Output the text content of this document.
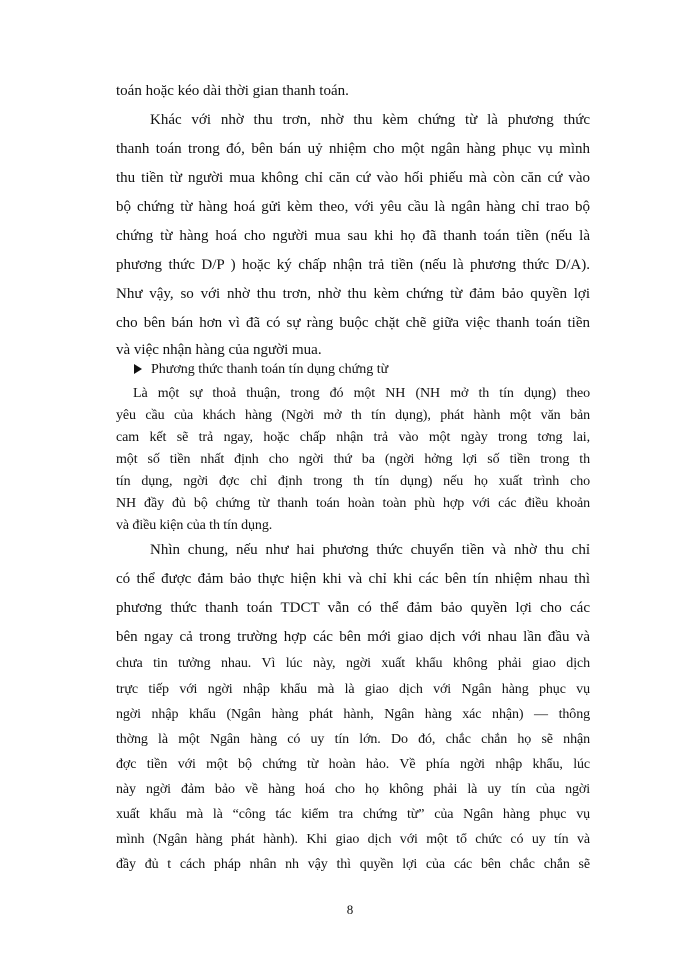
toán hoặc kéo dài thời gian thanh toán.
Khác với nhờ thu trơn, nhờ thu kèm chứng từ là phương thức
thanh toán trong đó, bên bán uỷ nhiệm cho một ngân hàng phục vụ mình
thu tiền từ người mua không chỉ căn cứ vào hối phiếu mà còn căn cứ vào
bộ chứng từ hàng hoá gửi kèm theo, với yêu cầu là ngân hàng chỉ trao bộ
chứng từ hàng hoá cho người mua sau khi họ đã thanh toán tiền (nếu là
phương thức D/P ) hoặc ký chấp nhận trả tiền (nếu là phương thức D/A).
Như vậy, so với nhờ thu trơn, nhờ thu kèm chứng từ đảm bảo quyền lợi
cho bên bán hơn vì đã có sự ràng buộc chặt chẽ giữa việc thanh toán tiền
và việc nhận hàng của người mua.
Phương thức thanh toán tín dụng chứng từ
Là một sự thoả thuận, trong đó một NH (NH mở th tín dụng) theo
yêu cầu của khách hàng (Ngời mở th tín dụng), phát hành một văn bản
cam kết sẽ trả ngay, hoặc chấp nhận trả vào một ngày trong tơng lai,
một số tiền nhất định cho ngời thứ ba (ngời hởng lợi số tiền trong th
tín dụng, ngời đợc chỉ định trong th tín dụng) nếu họ xuất trình cho
NH đầy đủ bộ chứng từ thanh toán hoàn toàn phù hợp với các điều khoản
và điều kiện của th tín dụng.
Nhìn chung, nếu như hai phương thức chuyển tiền và nhờ thu chỉ
có thể được đảm bảo thực hiện khi và chỉ khi các bên tín nhiệm nhau thì
phương thức thanh toán TDCT vẫn có thể đảm bảo quyền lợi cho các
bên ngay cả trong trường hợp các bên mới giao dịch với nhau lần đầu và
chưa tin tưởng nhau. Vì lúc này, ngời xuất khẩu không phải giao dịch
trực tiếp với ngời nhập khẩu mà là giao dịch với Ngân hàng phục vụ
ngời nhập khẩu (Ngân hàng phát hành, Ngân hàng xác nhận) — thông
thờng là một Ngân hàng có uy tín lớn. Do đó, chắc chắn họ sẽ nhận
đợc tiền với một bộ chứng từ hoàn hảo. Về phía ngời nhập khẩu, lúc
này ngời đảm bảo về hàng hoá cho họ không phải là uy tín của ngời
xuất khẩu mà là “công tác kiểm tra chứng từ” của Ngân hàng phục vụ
mình (Ngân hàng phát hành). Khi giao dịch với một tổ chức có uy tín và
đầy đủ t cách pháp nhân nh vậy thì quyền lợi của các bên chắc chắn sẽ
8
